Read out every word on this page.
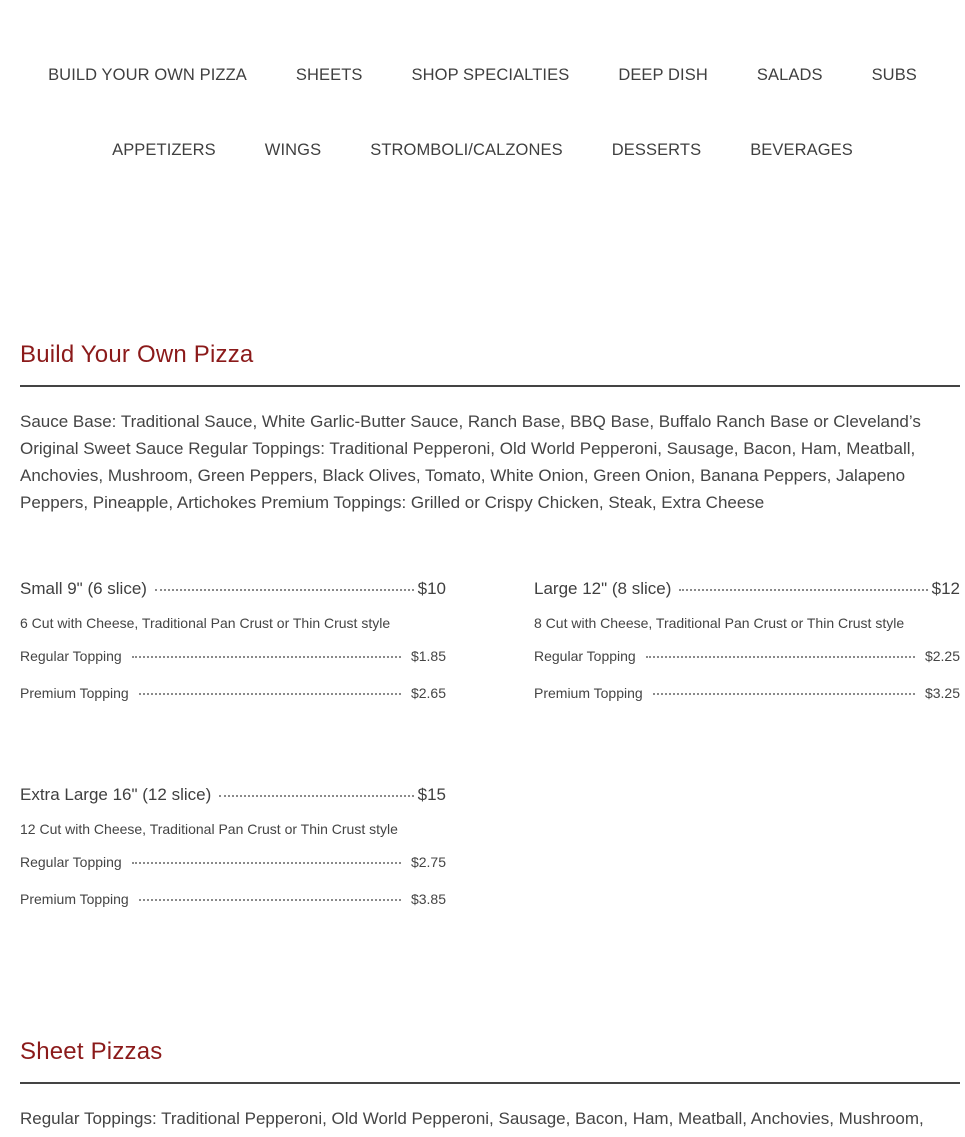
BUILD YOUR OWN PIZZA	SHEETS	SHOP SPECIALTIES	DEEP DISH	SALADS	SUBS
APPETIZERS	WINGS	STROMBOLI/CALZONES	DESSERTS	BEVERAGES
Build Your Own Pizza

Sauce Base: Traditional Sauce, White Garlic-Butter Sauce, Ranch Base, BBQ Base, Buffalo Ranch Base or Cleveland’s Original Sweet Sauce Regular Toppings: Traditional Pepperoni, Old World Pepperoni, Sausage, Bacon, Ham, Meatball, Anchovies, Mushroom, Green Peppers, Black Olives, Tomato, White Onion, Green Onion, Banana Peppers, Jalapeno Peppers, Pineapple, Artichokes Premium Toppings: Grilled or Crispy Chicken, Steak, Extra Cheese

Small 9" (6 slice)	$10
6 Cut with Cheese, Traditional Pan Crust or Thin Crust style
Regular Topping	$1.85
Premium Topping	$2.65
Large 12" (8 slice)	$12
8 Cut with Cheese, Traditional Pan Crust or Thin Crust style
Regular Topping	$2.25
Premium Topping	$3.25
Extra Large 16" (12 slice)	$15
12 Cut with Cheese, Traditional Pan Crust or Thin Crust style
Regular Topping	$2.75
Premium Topping	$3.85
Sheet Pizzas

Regular Toppings: Traditional Pepperoni, Old World Pepperoni, Sausage, Bacon, Ham, Meatball, Anchovies, Mushroom,
